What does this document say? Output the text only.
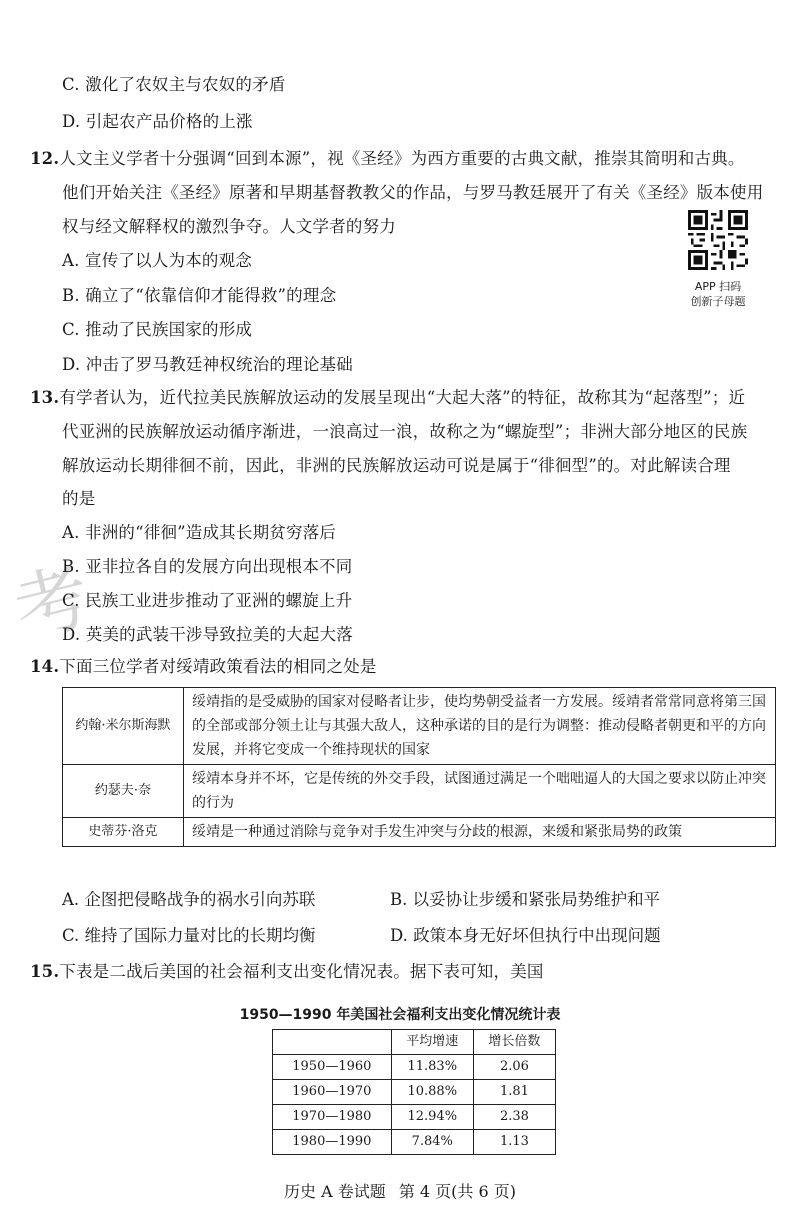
C. 激化了农奴主与农奴的矛盾
D. 引起农产品价格的上涨
12.人文主义学者十分强调“回到本源”，视《圣经》为西方重要的古典文献，推崇其简明和古典。
他们开始关注《圣经》原著和早期基督教教父的作品，与罗马教廷展开了有关《圣经》版本使用
权与经文解释权的激烈争夺。人文学者的努力
A. 宣传了以人为本的观念
B. 确立了“依靠信仰才能得救”的理念
C. 推动了民族国家的形成
D. 冲击了罗马教廷神权统治的理论基础
APP 扫码
创新子母题
13.有学者认为，近代拉美民族解放运动的发展呈现出“大起大落”的特征，故称其为“起落型”；近
代亚洲的民族解放运动循序渐进，一浪高过一浪，故称之为“螺旋型”；非洲大部分地区的民族
解放运动长期徘徊不前，因此，非洲的民族解放运动可说是属于“徘徊型”的。对此解读合理
的是
考
A. 非洲的“徘徊”造成其长期贫穷落后
B. 亚非拉各自的发展方向出现根本不同
C. 民族工业进步推动了亚洲的螺旋上升
D. 英美的武装干涉导致拉美的大起大落
14.下面三位学者对绥靖政策看法的相同之处是
约翰·米尔斯海默	绥靖指的是受威胁的国家对侵略者让步，使均势朝受益者一方发展。绥靖者常常同意将第三国的全部或部分领土让与其强大敌人，这种承诺的目的是行为调整：推动侵略者朝更和平的方向发展，并将它变成一个维持现状的国家
约瑟夫·奈	绥靖本身并不坏，它是传统的外交手段，试图通过满足一个咄咄逼人的大国之要求以防止冲突的行为
史蒂芬·洛克	绥靖是一种通过消除与竞争对手发生冲突与分歧的根源，来缓和紧张局势的政策
A. 企图把侵略战争的祸水引向苏联	B. 以妥协让步缓和紧张局势维护和平
C. 维持了国际力量对比的长期均衡	D. 政策本身无好坏但执行中出现问题
15.下表是二战后美国的社会福利支出变化情况表。据下表可知，美国
1950—1990 年美国社会福利支出变化情况统计表
	平均增速	增长倍数
1950—1960	11.83%	2.06
1960—1970	10.88%	1.81
1970—1980	12.94%	2.38
1980—1990	7.84%	1.13
历史 A 卷试题 第 4 页(共 6 页)
